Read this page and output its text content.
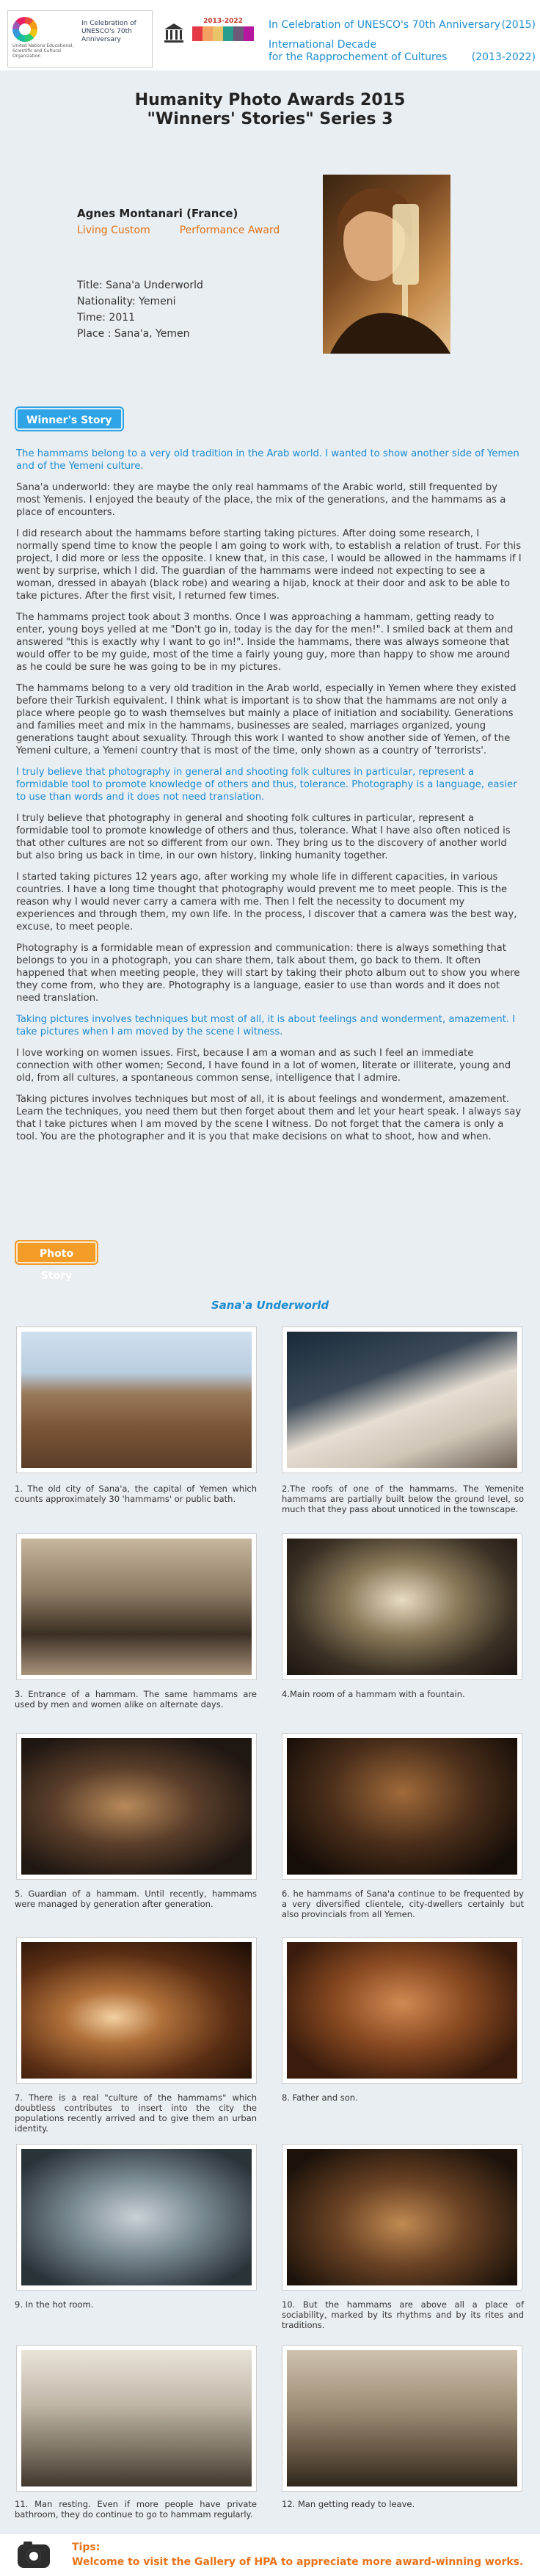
United Nations Educational, Scientific and Cultural Organization
In Celebration of UNESCO's 70th Anniversary
2013-2022	In Celebration of UNESCO's 70th Anniversary (2015)
International Decade
for the Rapprochement of Cultures (2013-2022)
Humanity Photo Awards 2015
"Winners' Stories" Series 3
Agnes Montanari (France)
Living Custom	Performance Award
Title: Sana'a Underworld
Nationality: Yemeni
Time: 2011
Place : Sana'a, Yemen
Winner's Story

The hammams belong to a very old tradition in the Arab world. I wanted to show another side of Yemen and of the Yemeni culture.

Sana'a underworld: they are maybe the only real hammams of the Arabic world, still frequented by most Yemenis. I enjoyed the beauty of the place, the mix of the generations, and the hammams as a place of encounters.

I did research about the hammams before starting taking pictures. After doing some research, I normally spend time to know the people I am going to work with, to establish a relation of trust. For this project, I did more or less the opposite. I knew that, in this case, I would be allowed in the hammams if I went by surprise, which I did. The guardian of the hammams were indeed not expecting to see a woman, dressed in abayah (black robe) and wearing a hijab, knock at their door and ask to be able to take pictures. After the first visit, I returned few times.

The hammams project took about 3 months. Once I was approaching a hammam, getting ready to enter, young boys yelled at me "Don't go in, today is the day for the men!". I smiled back at them and answered "this is exactly why I want to go in!". Inside the hammams, there was always someone that would offer to be my guide, most of the time a fairly young guy, more than happy to show me around as he could be sure he was going to be in my pictures.

The hammams belong to a very old tradition in the Arab world, especially in Yemen where they existed before their Turkish equivalent. I think what is important is to show that the hammams are not only a place where people go to wash themselves but mainly a place of initiation and sociability. Generations and families meet and mix in the hammams, businesses are sealed, marriages organized, young generations taught about sexuality. Through this work I wanted to show another side of Yemen, of the Yemeni culture, a Yemeni country that is most of the time, only shown as a country of 'terrorists'.

I truly believe that photography in general and shooting folk cultures in particular, represent a formidable tool to promote knowledge of others and thus, tolerance. Photography is a language, easier to use than words and it does not need translation.

I truly believe that photography in general and shooting folk cultures in particular, represent a formidable tool to promote knowledge of others and thus, tolerance. What I have also often noticed is that other cultures are not so different from our own. They bring us to the discovery of another world but also bring us back in time, in our own history, linking humanity together.

I started taking pictures 12 years ago, after working my whole life in different capacities, in various countries. I have a long time thought that photography would prevent me to meet people. This is the reason why I would never carry a camera with me. Then I felt the necessity to document my experiences and through them, my own life. In the process, I discover that a camera was the best way, excuse, to meet people.

Photography is a formidable mean of expression and communication: there is always something that belongs to you in a photograph, you can share them, talk about them, go back to them. It often happened that when meeting people, they will start by taking their photo album out to show you where they come from, who they are. Photography is a language, easier to use than words and it does not need translation.

Taking pictures involves techniques but most of all, it is about feelings and wonderment, amazement. I take pictures when I am moved by the scene I witness.

I love working on women issues. First, because I am a woman and as such I feel an immediate connection with other women; Second, I have found in a lot of women, literate or illiterate, young and old, from all cultures, a spontaneous common sense, intelligence that I admire.

Taking pictures involves techniques but most of all, it is about feelings and wonderment, amazement. Learn the techniques, you need them but then forget about them and let your heart speak. I always say that I take pictures when I am moved by the scene I witness. Do not forget that the camera is only a tool. You are the photographer and it is you that make decisions on what to shoot, how and when.

Photo Story
Sana'a Underworld
1. The old city of Sana'a, the capital of Yemen which counts approximately 30 'hammams' or public bath.
2.The roofs of one of the hammams. The Yemenite hammams are partially built below the ground level, so much that they pass about unnoticed in the townscape.
3. Entrance of a hammam. The same hammams are used by men and women alike on alternate days.
4.Main room of a hammam with a fountain.
5. Guardian of a hammam. Until recently, hammams were managed by generation after generation.
6. he hammams of Sana'a continue to be frequented by a very diversified clientele, city-dwellers certainly but also provincials from all Yemen.
7. There is a real "culture of the hammams" which doubtless contributes to insert into the city the populations recently arrived and to give them an urban identity.
8. Father and son.
9. In the hot room.	10. But the hammams are above all a place of sociability, marked by its rhythms and by its rites and traditions.
11. Man resting. Even if more people have private bathroom, they do continue to go to hammam regularly.
12. Man getting ready to leave.
Tips:
Welcome to visit the Gallery of HPA to appreciate more award-winning works.
